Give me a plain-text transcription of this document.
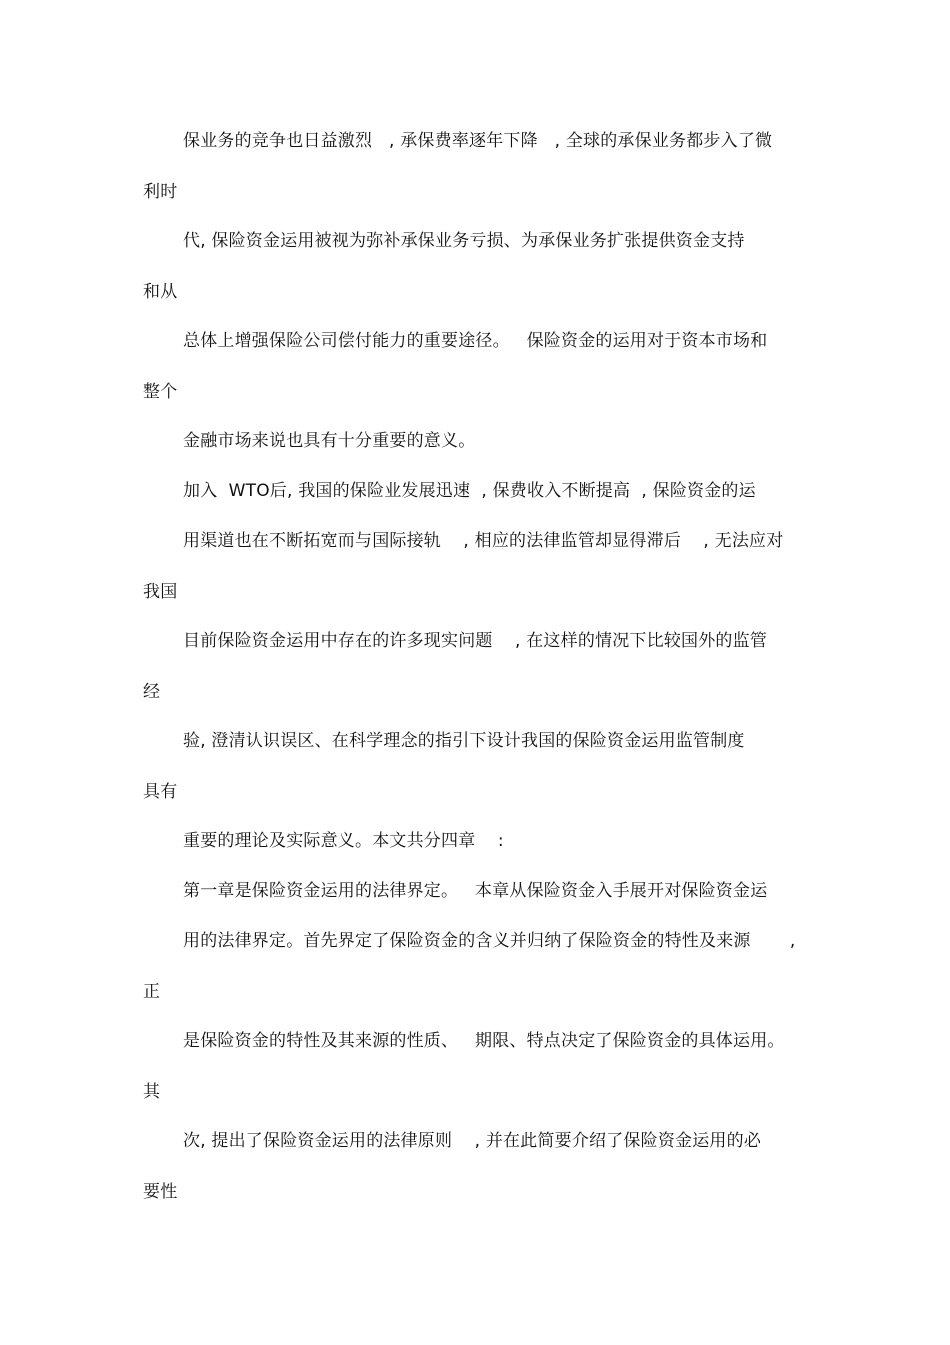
保业务的竞争也日益激烈   , 承保费率逐年下降   , 全球的承保业务都步入了微
利时
代, 保险资金运用被视为弥补承保业务亏损、为承保业务扩张提供资金支持
和从
总体上增强保险公司偿付能力的重要途径。   保险资金的运用对于资本市场和
整个
金融市场来说也具有十分重要的意义。
加入  WTO后, 我国的保险业发展迅速  , 保费收入不断提高  , 保险资金的运
用渠道也在不断拓宽而与国际接轨    , 相应的法律监管却显得滞后    , 无法应对
我国
目前保险资金运用中存在的许多现实问题    , 在这样的情况下比较国外的监管
经
验, 澄清认识误区、在科学理念的指引下设计我国的保险资金运用监管制度
具有
重要的理论及实际意义。本文共分四章    :
第一章是保险资金运用的法律界定。   本章从保险资金入手展开对保险资金运
用的法律界定。首先界定了保险资金的含义并归纳了保险资金的特性及来源       ,
正
是保险资金的特性及其来源的性质、   期限、特点决定了保险资金的具体运用。
其
次, 提出了保险资金运用的法律原则    , 并在此简要介绍了保险资金运用的必
要性
